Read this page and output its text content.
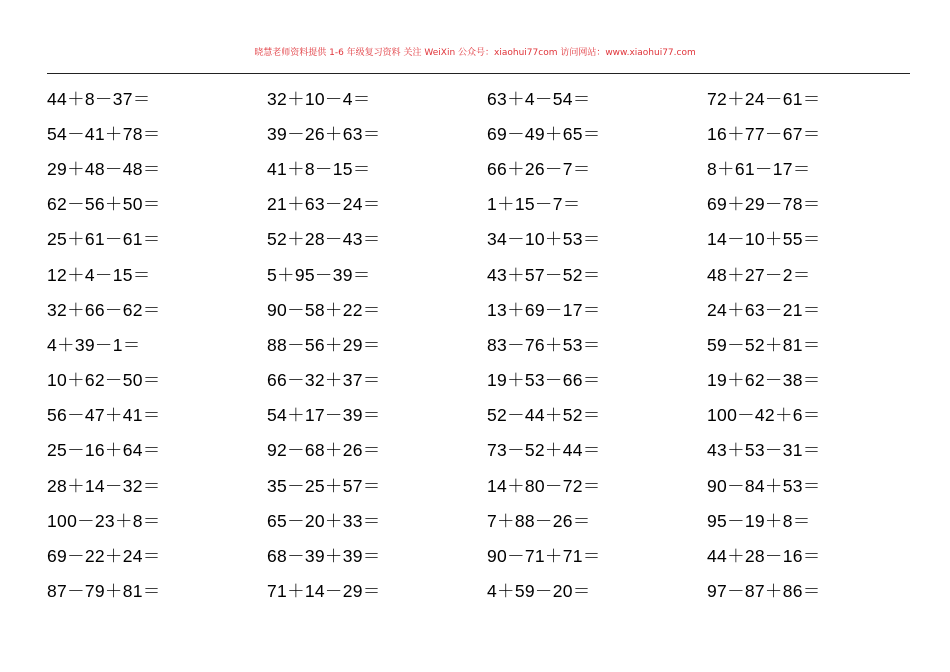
晓慧老师资料提供 1-6 年级复习资料 关注 WeiXin 公众号：xiaohui77com 访问网站：www.xiaohui77.com
44＋8－37＝	32＋10－4＝	63＋4－54＝	72＋24－61＝
54－41＋78＝	39－26＋63＝	69－49＋65＝	16＋77－67＝
29＋48－48＝	41＋8－15＝	66＋26－7＝	8＋61－17＝
62－56＋50＝	21＋63－24＝	1＋15－7＝	69＋29－78＝
25＋61－61＝	52＋28－43＝	34－10＋53＝	14－10＋55＝
12＋4－15＝	5＋95－39＝	43＋57－52＝	48＋27－2＝
32＋66－62＝	90－58＋22＝	13＋69－17＝	24＋63－21＝
4＋39－1＝	88－56＋29＝	83－76＋53＝	59－52＋81＝
10＋62－50＝	66－32＋37＝	19＋53－66＝	19＋62－38＝
56－47＋41＝	54＋17－39＝	52－44＋52＝	100－42＋6＝
25－16＋64＝	92－68＋26＝	73－52＋44＝	43＋53－31＝
28＋14－32＝	35－25＋57＝	14＋80－72＝	90－84＋53＝
100－23＋8＝	65－20＋33＝	7＋88－26＝	95－19＋8＝
69－22＋24＝	68－39＋39＝	90－71＋71＝	44＋28－16＝
87－79＋81＝	71＋14－29＝	4＋59－20＝	97－87＋86＝
